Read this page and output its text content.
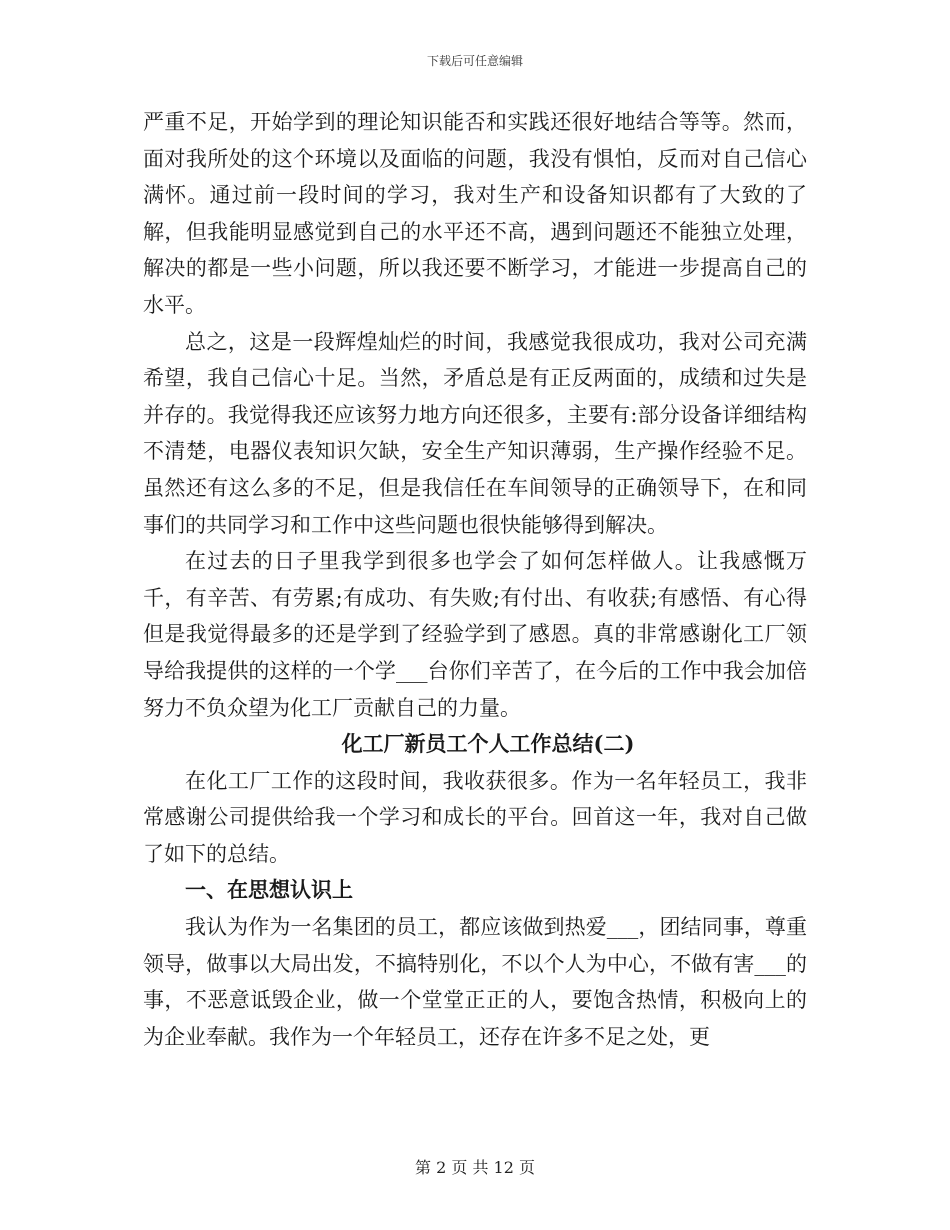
下载后可任意编辑

严重不足，开始学到的理论知识能否和实践还很好地结合等等。然而，面对我所处的这个环境以及面临的问题，我没有惧怕，反而对自己信心满怀。通过前一段时间的学习，我对生产和设备知识都有了大致的了解，但我能明显感觉到自己的水平还不高，遇到问题还不能独立处理，解决的都是一些小问题，所以我还要不断学习，才能进一步提高自己的水平。

总之，这是一段辉煌灿烂的时间，我感觉我很成功，我对公司充满希望，我自己信心十足。当然，矛盾总是有正反两面的，成绩和过失是并存的。我觉得我还应该努力地方向还很多，主要有:部分设备详细结构不清楚，电器仪表知识欠缺，安全生产知识薄弱，生产操作经验不足。虽然还有这么多的不足，但是我信任在车间领导的正确领导下，在和同事们的共同学习和工作中这些问题也很快能够得到解决。

在过去的日子里我学到很多也学会了如何怎样做人。让我感慨万千，有辛苦、有劳累;有成功、有失败;有付出、有收获;有感悟、有心得但是我觉得最多的还是学到了经验学到了感恩。真的非常感谢化工厂领导给我提供的这样的一个学___台你们辛苦了，在今后的工作中我会加倍努力不负众望为化工厂贡献自己的力量。

化工厂新员工个人工作总结(二)

在化工厂工作的这段时间，我收获很多。作为一名年轻员工，我非常感谢公司提供给我一个学习和成长的平台。回首这一年，我对自己做了如下的总结。

一、在思想认识上

我认为作为一名集团的员工，都应该做到热爱___，团结同事，尊重领导，做事以大局出发，不搞特别化，不以个人为中心，不做有害___的事，不恶意诋毁企业，做一个堂堂正正的人，要饱含热情，积极向上的为企业奉献。我作为一个年轻员工，还存在许多不足之处，更

第 2 页 共 12 页
